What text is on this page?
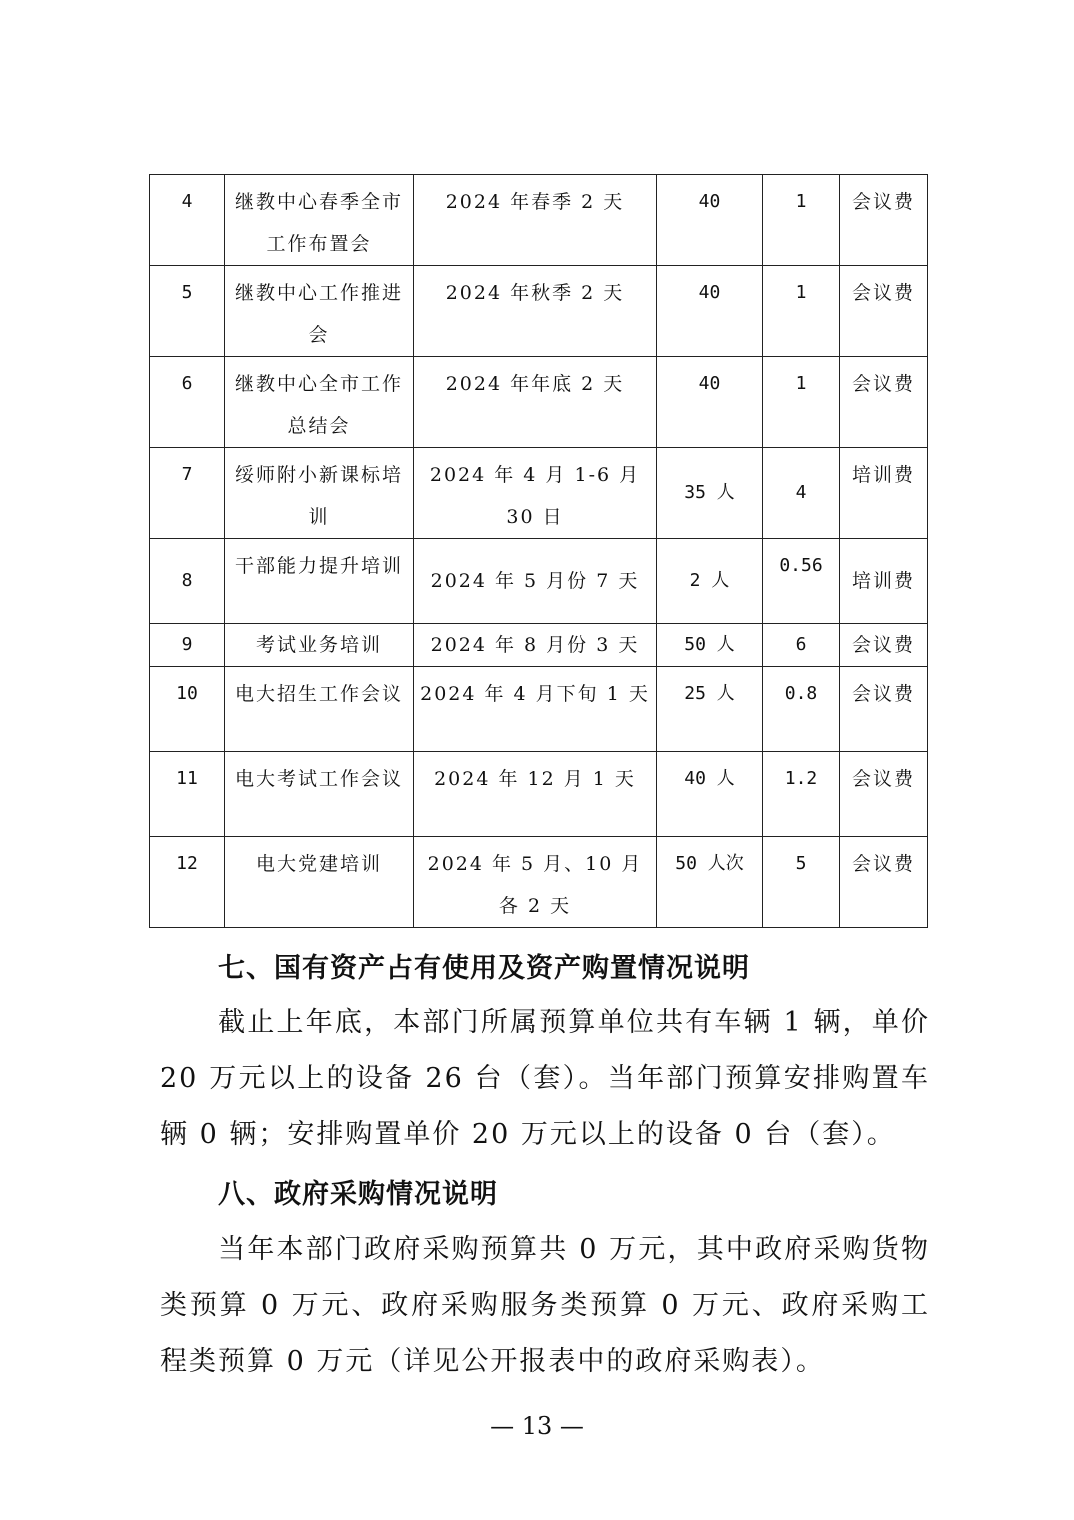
4	继教中心春季全市工作布置会	2024 年春季 2 天	40	1	会议费
5	继教中心工作推进会	2024 年秋季 2 天	40	1	会议费
6	继教中心全市工作总结会	2024 年年底 2 天	40	1	会议费
7	绥师附小新课标培训	2024 年 4 月 1-6 月 30 日	35 人	4	培训费
8	干部能力提升培训	2024 年 5 月份 7 天	2 人	0.56	培训费
9	考试业务培训	2024 年 8 月份 3 天	50 人	6	会议费
10	电大招生工作会议	2024 年 4 月下旬 1 天	25 人	0.8	会议费
11	电大考试工作会议	2024 年 12 月 1 天	40 人	1.2	会议费
12	电大党建培训	2024 年 5 月、10 月各 2 天	50 人次	5	会议费
七、国有资产占有使用及资产购置情况说明
截止上年底，本部门所属预算单位共有车辆 1 辆，单价 20 万元以上的设备 26 台（套）。当年部门预算安排购置车辆 0 辆；安排购置单价 20 万元以上的设备 0 台（套）。
八、政府采购情况说明
当年本部门政府采购预算共 0 万元，其中政府采购货物类预算 0 万元、政府采购服务类预算 0 万元、政府采购工程类预算 0 万元（详见公开报表中的政府采购表）。
— 13 —
